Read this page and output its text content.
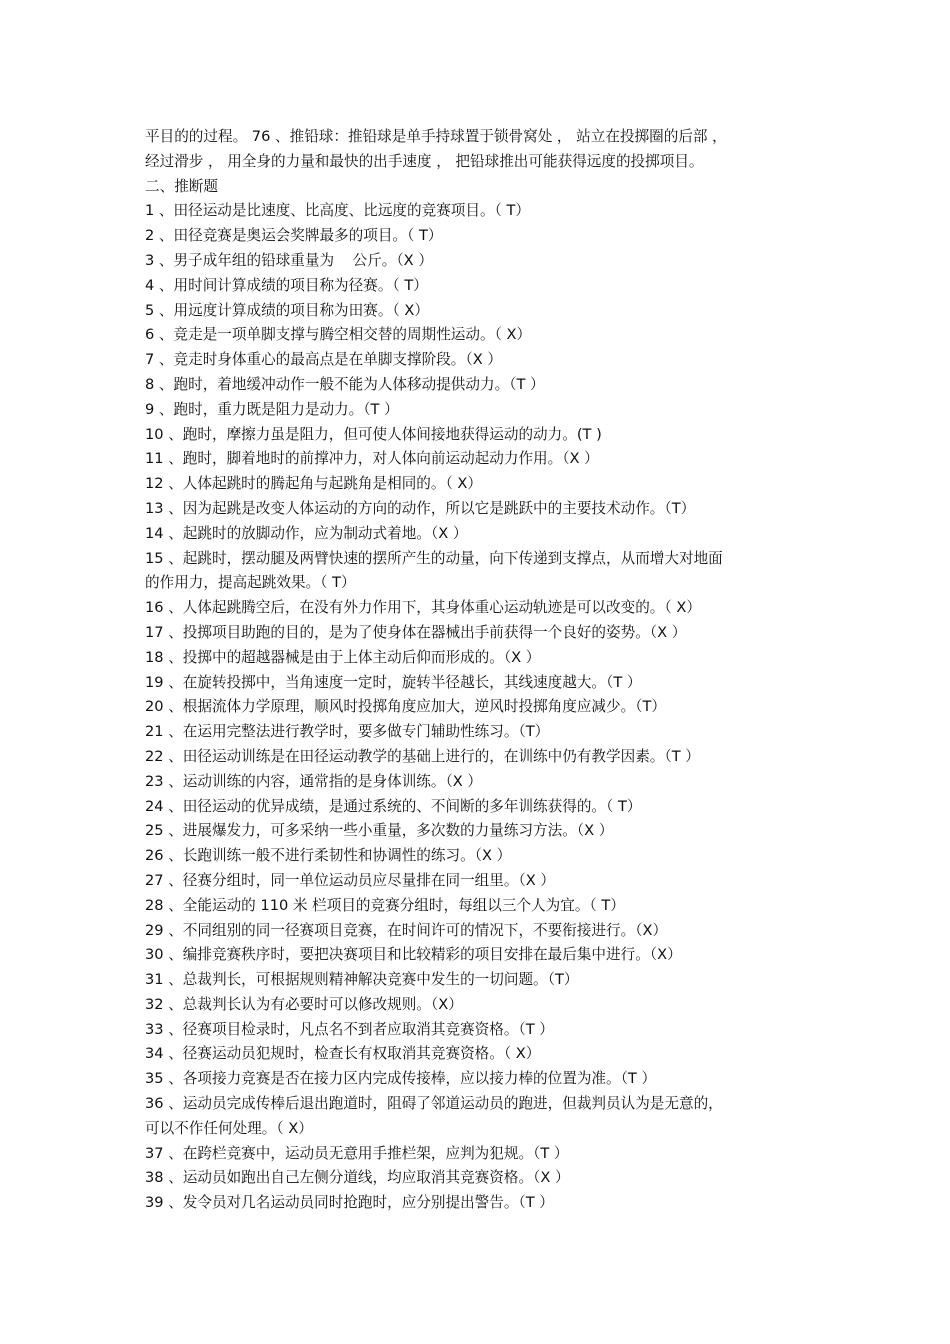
平目的的过程。 76 、推铅球：推铅球是单手持球置于锁骨窝处 ， 站立在投掷圈的后部 ，
经过滑步 ， 用全身的力量和最快的出手速度 ， 把铅球推出可能获得远度的投掷项目。
二、推断题
1 、田径运动是比速度、比高度、比远度的竞赛项目。（ T）
2 、田径竞赛是奥运会奖牌最多的项目。（ T）
3 、男子成年组的铅球重量为    公斤。（X ）
4 、用时间计算成绩的项目称为径赛。（ T）
5 、用远度计算成绩的项目称为田赛。（ X）
6 、竞走是一项单脚支撑与腾空相交替的周期性运动。（ X）
7 、竞走时身体重心的最高点是在单脚支撑阶段。（X ）
8 、跑时，着地缓冲动作一般不能为人体移动提供动力。（T ）
9 、跑时，重力既是阻力是动力。（T ）
10 、跑时，摩擦力虽是阻力，但可使人体间接地获得运动的动力。(T )
11 、跑时，脚着地时的前撑冲力，对人体向前运动起动力作用。（X ）
12 、人体起跳时的腾起角与起跳角是相同的。（ X）
13 、因为起跳是改变人体运动的方向的动作，所以它是跳跃中的主要技术动作。（T）
14 、起跳时的放脚动作，应为制动式着地。（X ）
15 、起跳时，摆动腿及两臂快速的摆所产生的动量，向下传递到支撑点，从而增大对地面
的作用力，提高起跳效果。（ T）
16 、人体起跳腾空后，在没有外力作用下，其身体重心运动轨迹是可以改变的。（ X）
17 、投掷项目助跑的目的，是为了使身体在器械出手前获得一个良好的姿势。（X ）
18 、投掷中的超越器械是由于上体主动后仰而形成的。（X ）
19 、在旋转投掷中，当角速度一定时，旋转半径越长，其线速度越大。（T ）
20 、根据流体力学原理，顺风时投掷角度应加大，逆风时投掷角度应减少。（T）
21 、在运用完整法进行教学时，要多做专门辅助性练习。（T）
22 、田径运动训练是在田径运动教学的基础上进行的，在训练中仍有教学因素。（T ）
23 、运动训练的内容，通常指的是身体训练。（X ）
24 、田径运动的优异成绩，是通过系统的、不间断的多年训练获得的。（ T）
25 、进展爆发力，可多采纳一些小重量，多次数的力量练习方法。（X ）
26 、长跑训练一般不进行柔韧性和协调性的练习。（X ）
27 、径赛分组时，同一单位运动员应尽量排在同一组里。（X ）
28 、全能运动的 110 米 栏项目的竞赛分组时，每组以三个人为宜。（ T）
29 、不同组别的同一径赛项目竞赛，在时间许可的情况下，不要衔接进行。（X）
30 、编排竞赛秩序时，要把决赛项目和比较精彩的项目安排在最后集中进行。（X）
31 、总裁判长，可根据规则精神解决竞赛中发生的一切问题。（T）
32 、总裁判长认为有必要时可以修改规则。（X）
33 、径赛项目检录时，凡点名不到者应取消其竞赛资格。（T ）
34 、径赛运动员犯规时，检查长有权取消其竞赛资格。（ X）
35 、各项接力竞赛是否在接力区内完成传接棒，应以接力棒的位置为准。（T ）
36 、运动员完成传棒后退出跑道时，阻碍了邻道运动员的跑进，但裁判员认为是无意的，
可以不作任何处理。（ X）
37 、在跨栏竞赛中，运动员无意用手推栏架，应判为犯规。（T ）
38 、运动员如跑出自己左侧分道线，均应取消其竞赛资格。（X ）
39 、发令员对几名运动员同时抢跑时，应分别提出警告。（T ）
